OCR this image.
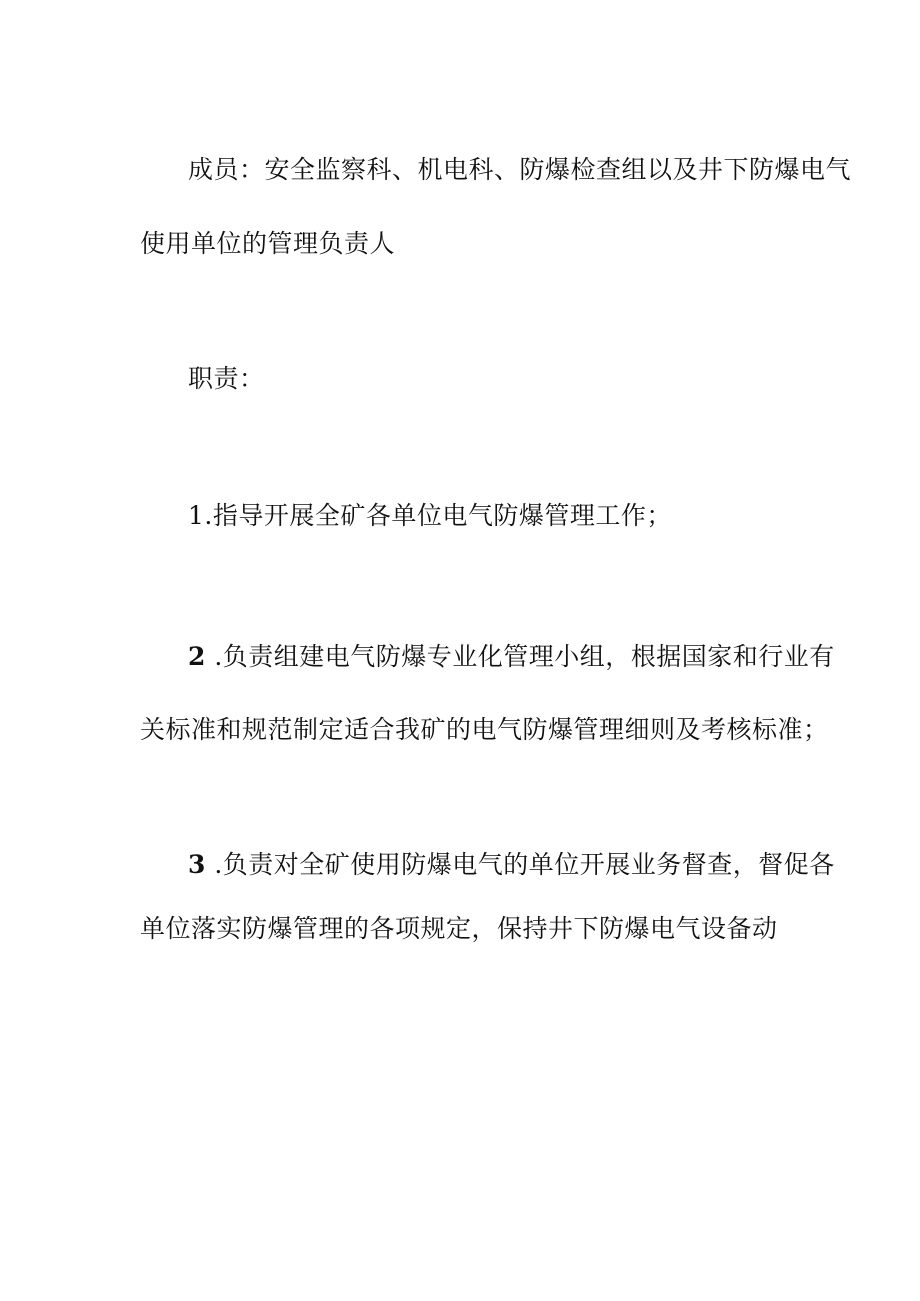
成员：安全监察科、机电科、防爆检查组以及井下防爆电气
使用单位的管理负责人
职责：
1.指导开展全矿各单位电气防爆管理工作；
2 .负责组建电气防爆专业化管理小组，根据国家和行业有
关标准和规范制定适合我矿的电气防爆管理细则及考核标准；
3 .负责对全矿使用防爆电气的单位开展业务督查，督促各
单位落实防爆管理的各项规定，保持井下防爆电气设备动
